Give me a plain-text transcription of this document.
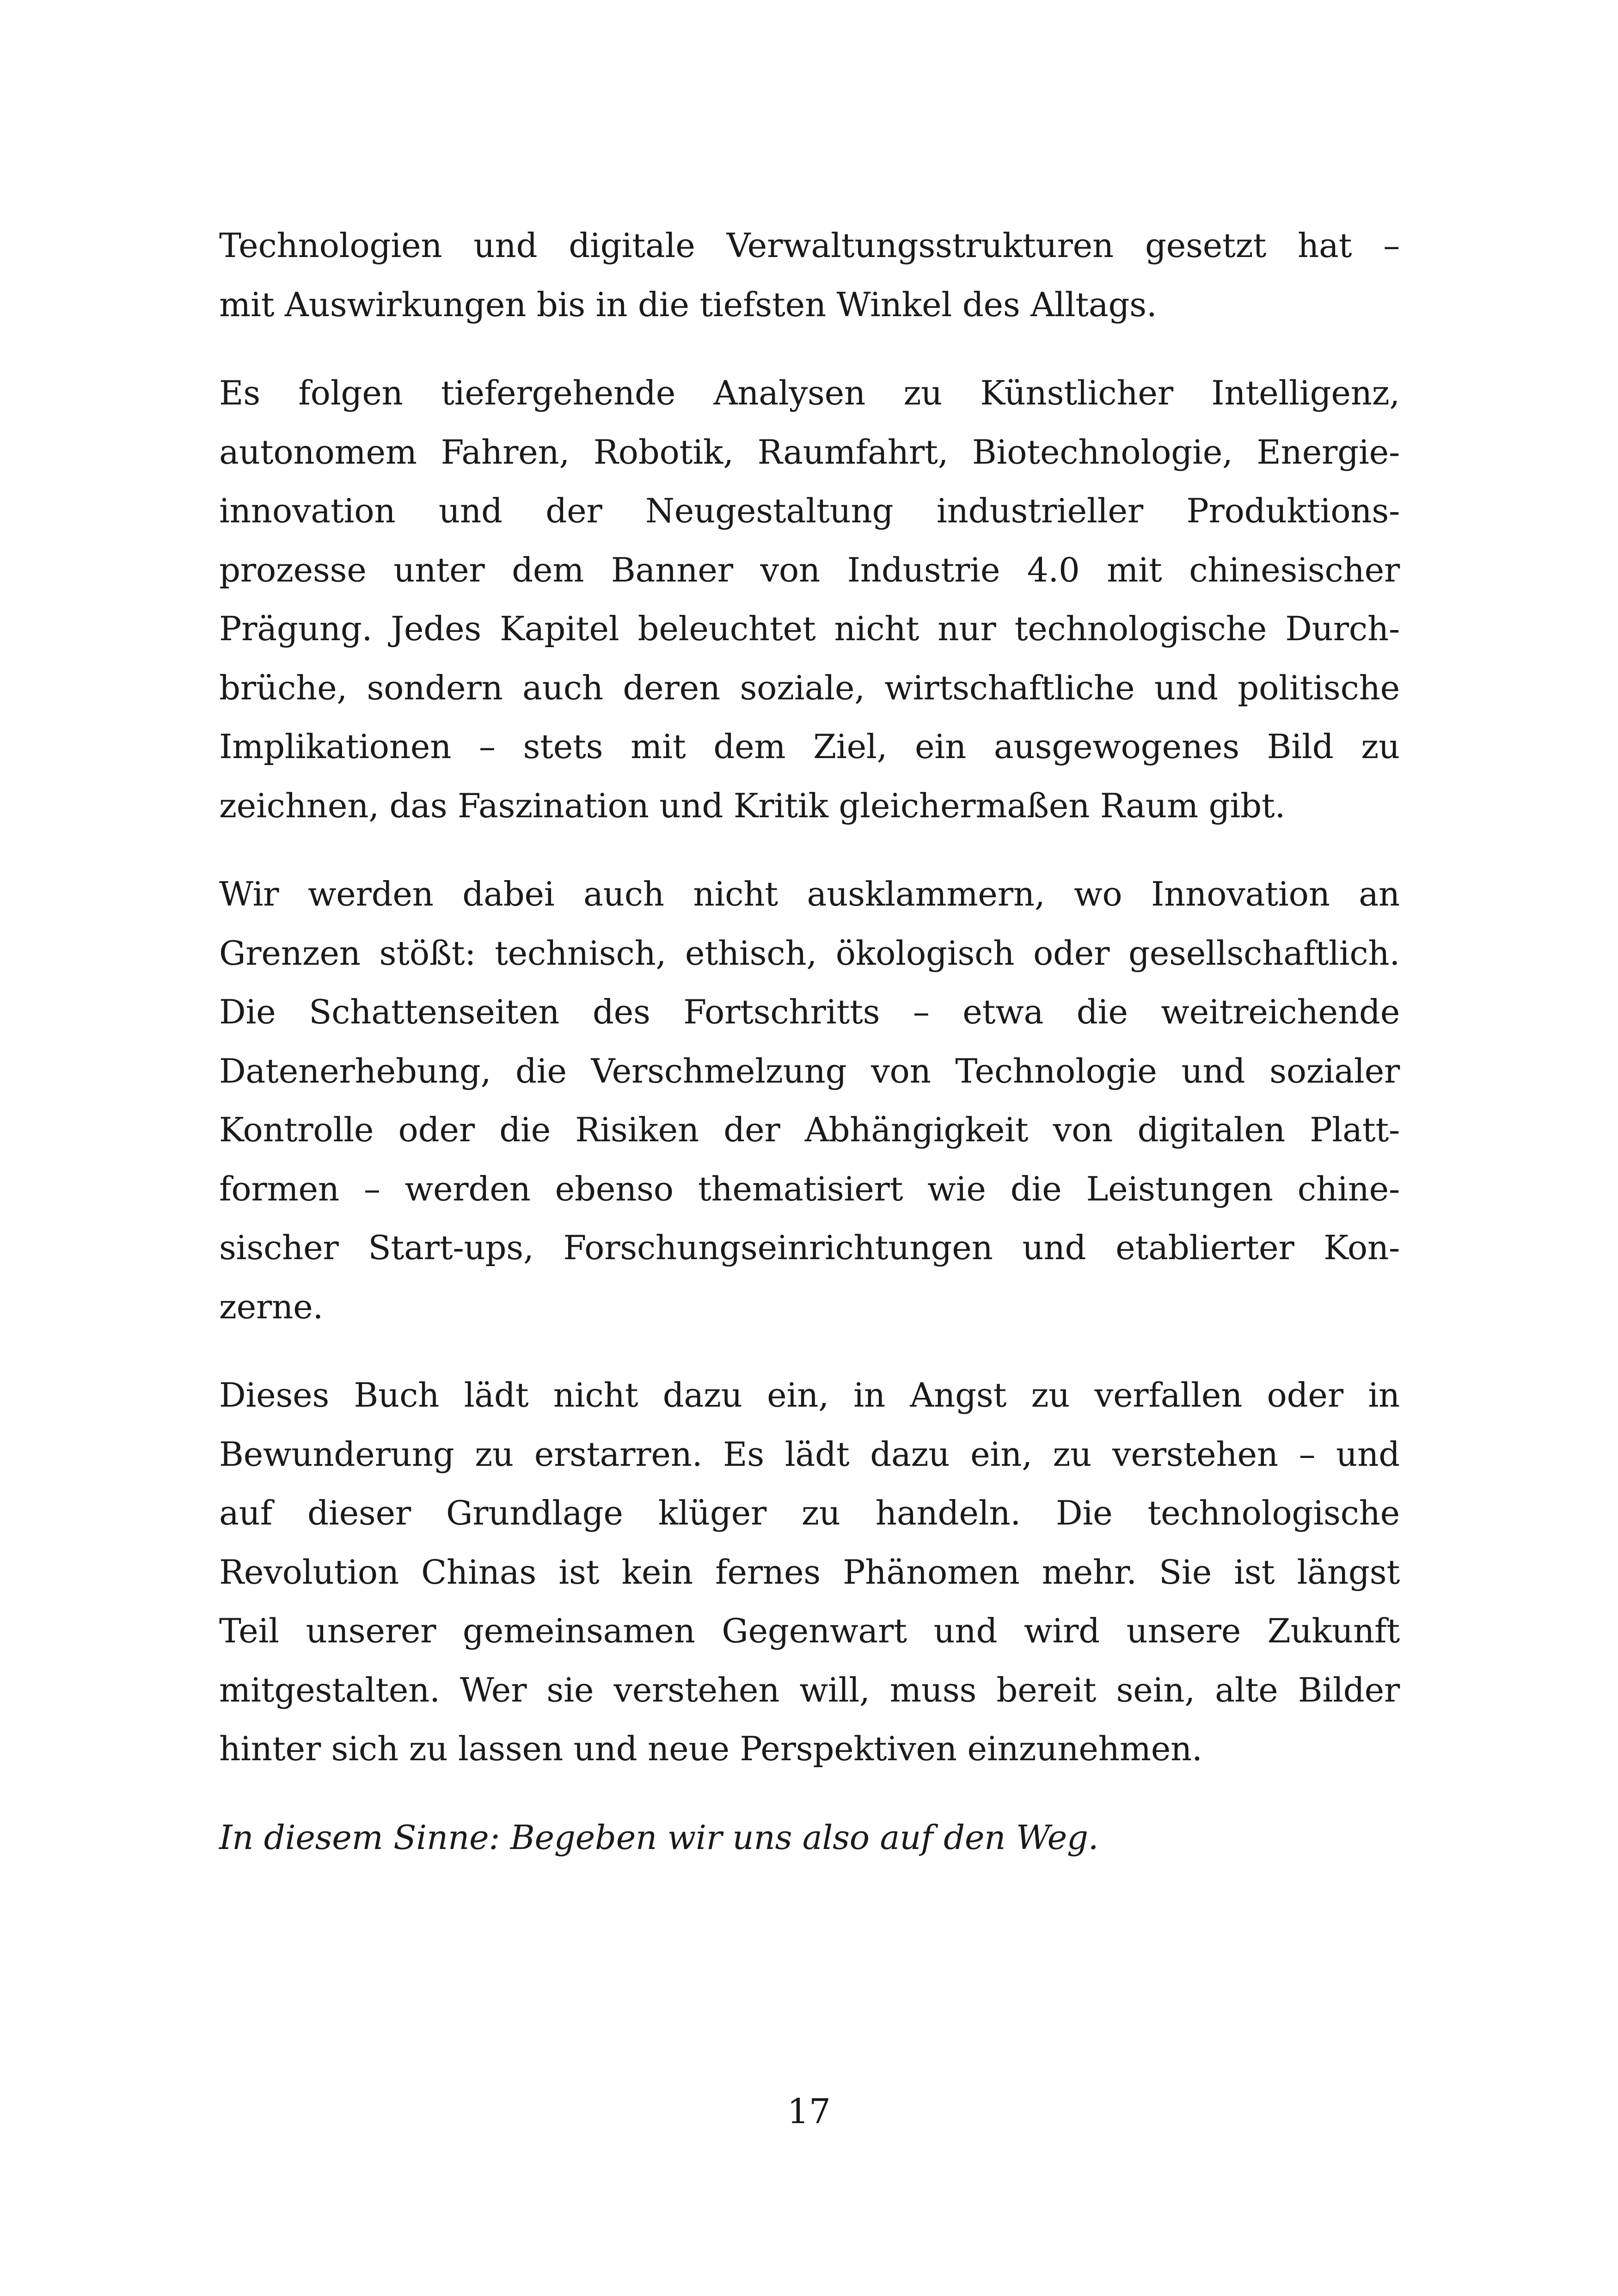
Technologien und digitale Verwaltungsstrukturen gesetzt hat –
mit Auswirkungen bis in die tiefsten Winkel des Alltags.
Es folgen tiefergehende Analysen zu Künstlicher Intelligenz,
autonomem Fahren, Robotik, Raumfahrt, Biotechnologie, Energie-
innovation und der Neugestaltung industrieller Produktions-
prozesse unter dem Banner von Industrie 4.0 mit chinesischer
Prägung. Jedes Kapitel beleuchtet nicht nur technologische Durch-
brüche, sondern auch deren soziale, wirtschaftliche und politische
Implikationen – stets mit dem Ziel, ein ausgewogenes Bild zu
zeichnen, das Faszination und Kritik gleichermaßen Raum gibt.
Wir werden dabei auch nicht ausklammern, wo Innovation an
Grenzen stößt: technisch, ethisch, ökologisch oder gesellschaftlich.
Die Schattenseiten des Fortschritts – etwa die weitreichende
Datenerhebung, die Verschmelzung von Technologie und sozialer
Kontrolle oder die Risiken der Abhängigkeit von digitalen Platt-
formen – werden ebenso thematisiert wie die Leistungen chine-
sischer Start-ups, Forschungseinrichtungen und etablierter Kon-
zerne.
Dieses Buch lädt nicht dazu ein, in Angst zu verfallen oder in
Bewunderung zu erstarren. Es lädt dazu ein, zu verstehen – und
auf dieser Grundlage klüger zu handeln. Die technologische
Revolution Chinas ist kein fernes Phänomen mehr. Sie ist längst
Teil unserer gemeinsamen Gegenwart und wird unsere Zukunft
mitgestalten. Wer sie verstehen will, muss bereit sein, alte Bilder
hinter sich zu lassen und neue Perspektiven einzunehmen.
In diesem Sinne: Begeben wir uns also auf den Weg.
17
